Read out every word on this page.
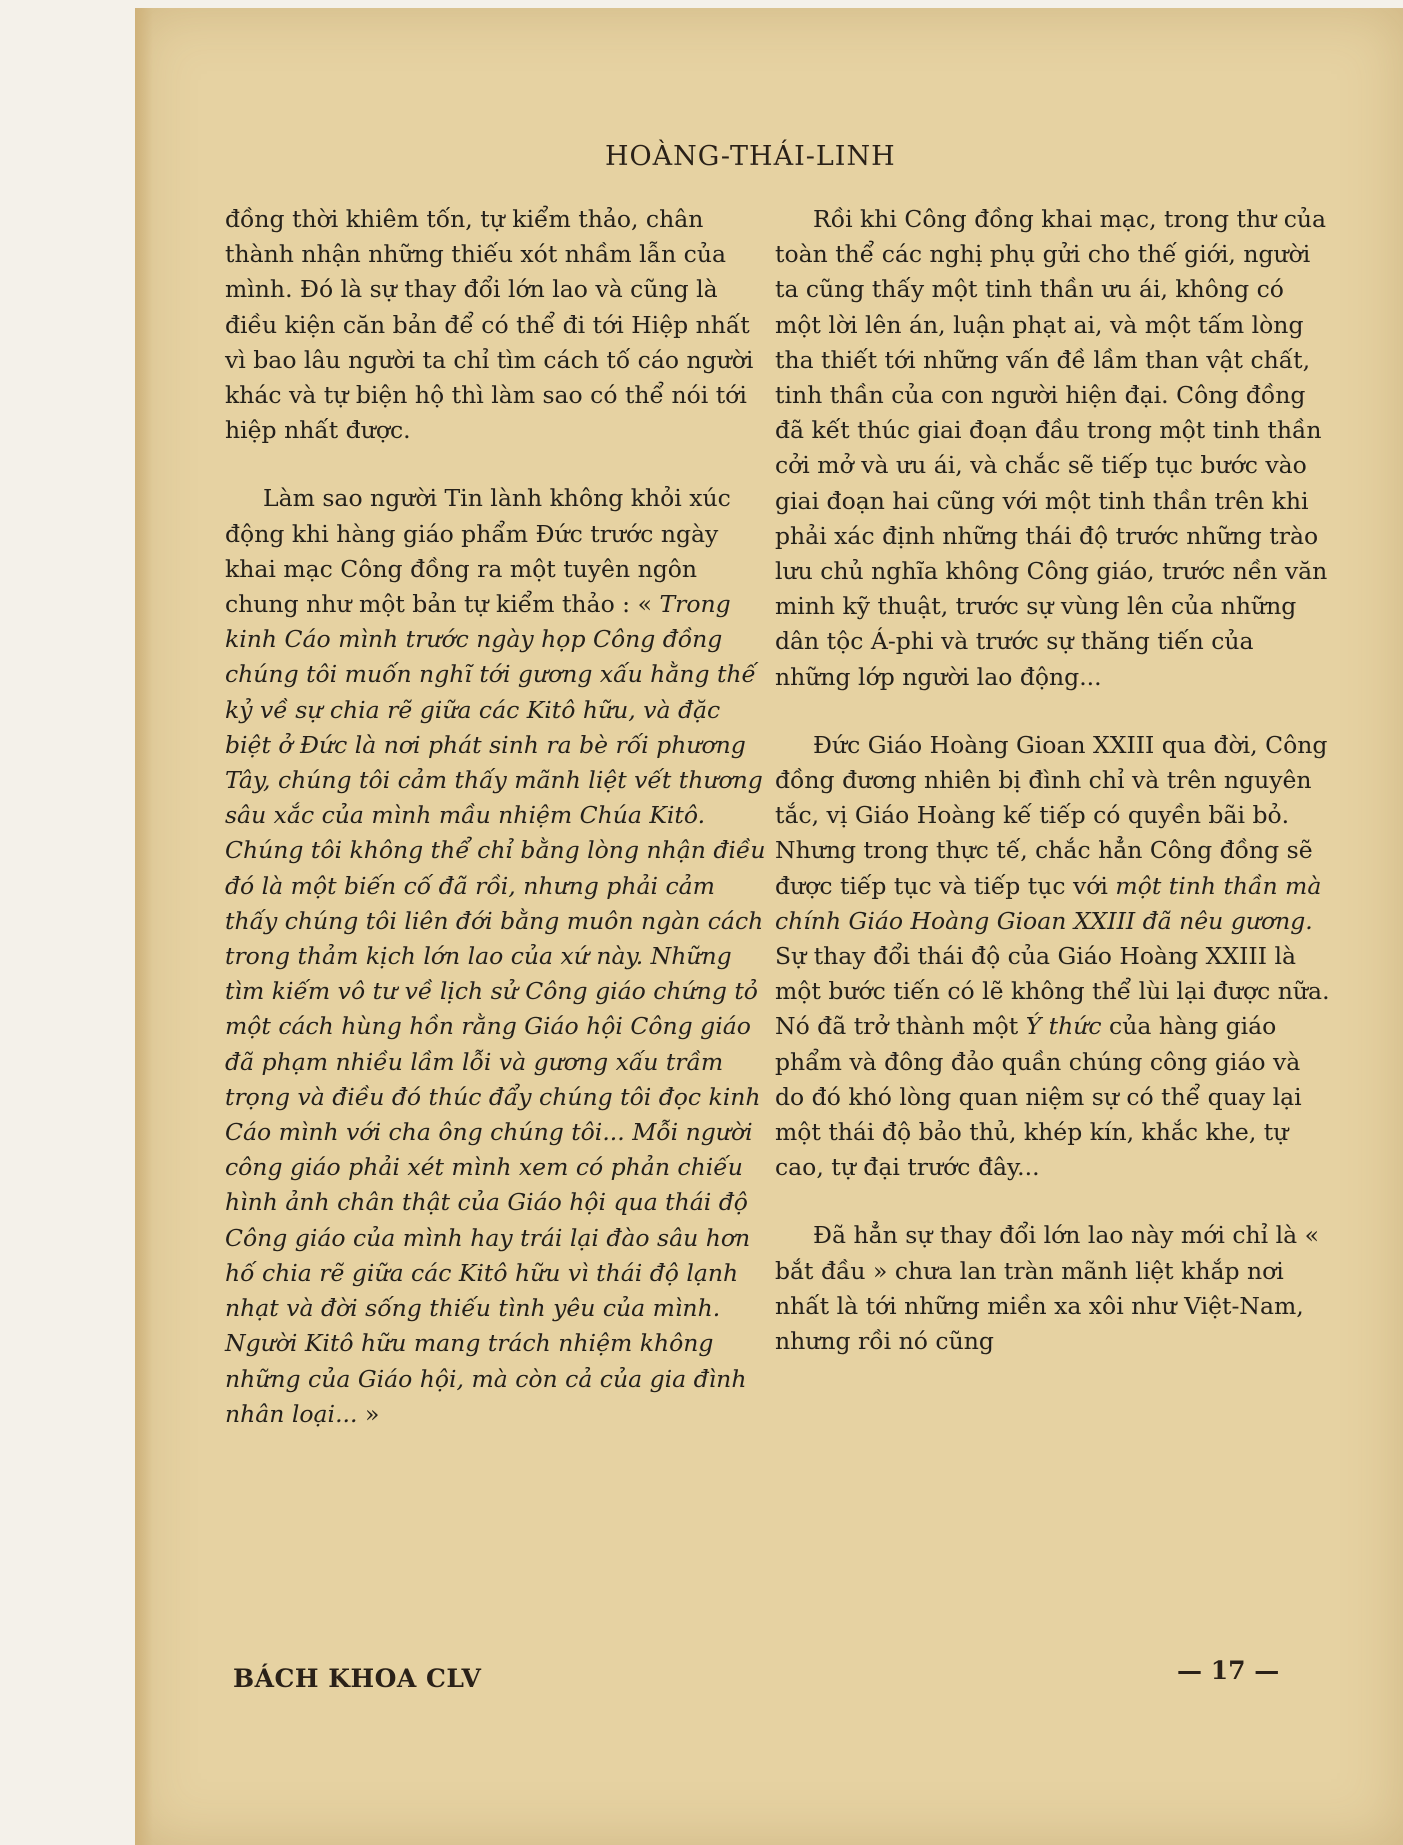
HOÀNG-THÁI-LINH

đồng thời khiêm tốn, tự kiểm thảo, chân thành nhận những thiếu xót nhầm lẫn của mình. Đó là sự thay đổi lớn lao và cũng là điều kiện căn bản để có thể đi tới Hiệp nhất vì bao lâu người ta chỉ tìm cách tố cáo người khác và tự biện hộ thì làm sao có thể nói tới hiệp nhất được.

Làm sao người Tin lành không khỏi xúc động khi hàng giáo phẩm Đức trước ngày khai mạc Công đồng ra một tuyên ngôn chung như một bản tự kiểm thảo : « Trong kinh Cáo mình trước ngày họp Công đồng chúng tôi muốn nghĩ tới gương xấu hằng thế kỷ về sự chia rẽ giữa các Kitô hữu, và đặc biệt ở Đức là nơi phát sinh ra bè rối phương Tây, chúng tôi cảm thấy mãnh liệt vết thương sâu xắc của mình mầu nhiệm Chúa Kitô. Chúng tôi không thể chỉ bằng lòng nhận điều đó là một biến cố đã rồi, nhưng phải cảm thấy chúng tôi liên đới bằng muôn ngàn cách trong thảm kịch lớn lao của xứ này. Những tìm kiếm vô tư về lịch sử Công giáo chứng tỏ một cách hùng hồn rằng Giáo hội Công giáo đã phạm nhiều lầm lỗi và gương xấu trầm trọng và điều đó thúc đẩy chúng tôi đọc kinh Cáo mình với cha ông chúng tôi... Mỗi người công giáo phải xét mình xem có phản chiếu hình ảnh chân thật của Giáo hội qua thái độ Công giáo của mình hay trái lại đào sâu hơn hố chia rẽ giữa các Kitô hữu vì thái độ lạnh nhạt và đời sống thiếu tình yêu của mình. Người Kitô hữu mang trách nhiệm không những của Giáo hội, mà còn cả của gia đình nhân loại... »

Rồi khi Công đồng khai mạc, trong thư của toàn thể các nghị phụ gửi cho thế giới, người ta cũng thấy một tinh thần ưu ái, không có một lời lên án, luận phạt ai, và một tấm lòng tha thiết tới những vấn đề lầm than vật chất, tinh thần của con người hiện đại. Công đồng đã kết thúc giai đoạn đầu trong một tinh thần cởi mở và ưu ái, và chắc sẽ tiếp tục bước vào giai đoạn hai cũng với một tinh thần trên khi phải xác định những thái độ trước những trào lưu chủ nghĩa không Công giáo, trước nền văn minh kỹ thuật, trước sự vùng lên của những dân tộc Á-phi và trước sự thăng tiến của những lớp người lao động...

Đức Giáo Hoàng Gioan XXIII qua đời, Công đồng đương nhiên bị đình chỉ và trên nguyên tắc, vị Giáo Hoàng kế tiếp có quyền bãi bỏ. Nhưng trong thực tế, chắc hẳn Công đồng sẽ được tiếp tục và tiếp tục với một tinh thần mà chính Giáo Hoàng Gioan XXIII đã nêu gương. Sự thay đổi thái độ của Giáo Hoàng XXIII là một bước tiến có lẽ không thể lùi lại được nữa. Nó đã trở thành một Ý thức của hàng giáo phẩm và đông đảo quần chúng công giáo và do đó khó lòng quan niệm sự có thể quay lại một thái độ bảo thủ, khép kín, khắc khe, tự cao, tự đại trước đây...

Đã hẳn sự thay đổi lớn lao này mới chỉ là « bắt đầu » chưa lan tràn mãnh liệt khắp nơi nhất là tới những miền xa xôi như Việt-Nam, nhưng rồi nó cũng

BÁCH KHOA CLV	— 17 —
